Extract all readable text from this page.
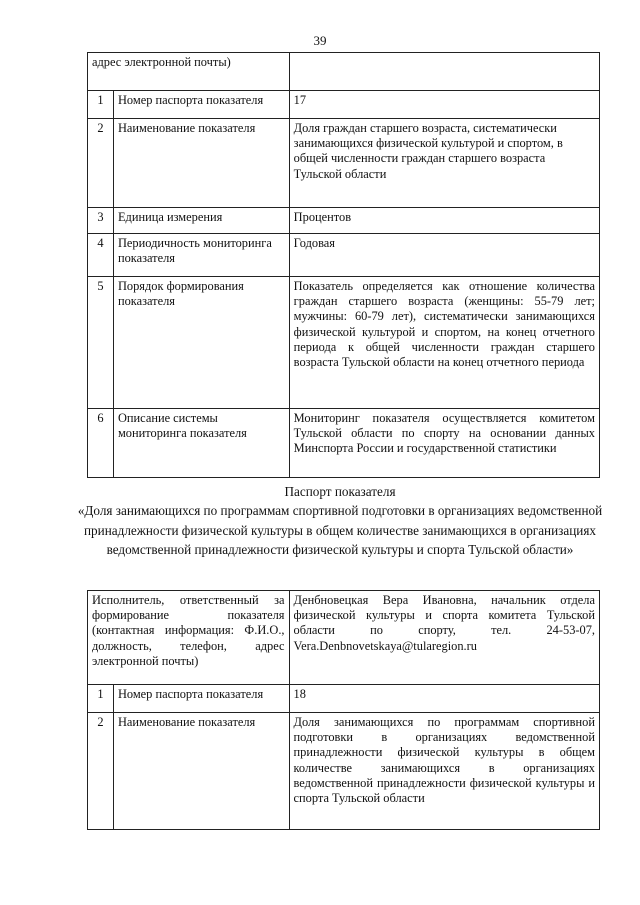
39
адрес электронной почты)		
1	Номер паспорта показателя	17
2	Наименование показателя	Доля граждан старшего возраста, систематически занимающихся физической культурой и спортом, в общей численности граждан старшего возраста Тульской области
3	Единица измерения	Процентов
4	Периодичность мониторинга показателя	Годовая
5	Порядок формирования показателя	Показатель определяется как отношение количества граждан старшего возраста (женщины: 55-79 лет; мужчины: 60-79 лет), систематически занимающихся физической культурой и спортом, на конец отчетного периода к общей численности граждан старшего возраста Тульской области на конец отчетного периода
6	Описание системы мониторинга показателя	Мониторинг показателя осуществляется комитетом Тульской области по спорту на основании данных Минспорта России и государственной статистики
Паспорт показателя
«Доля занимающихся по программам спортивной подготовки в организациях ведомственной принадлежности физической культуры в общем количестве занимающихся в организациях ведомственной принадлежности физической культуры и спорта Тульской области»
Исполнитель, ответственный за формирование показателя (контактная информация: Ф.И.О., должность, телефон, адрес электронной почты)		Денбновецкая Вера Ивановна, начальник отдела физической культуры и спорта комитета Тульской области по спорту, тел. 24-53-07, Vera.Denbnovetskaya@tularegion.ru
1	Номер паспорта показателя	18
2	Наименование показателя	Доля занимающихся по программам спортивной подготовки в организациях ведомственной принадлежности физической культуры в общем количестве занимающихся в организациях ведомственной принадлежности физической культуры и спорта Тульской области
